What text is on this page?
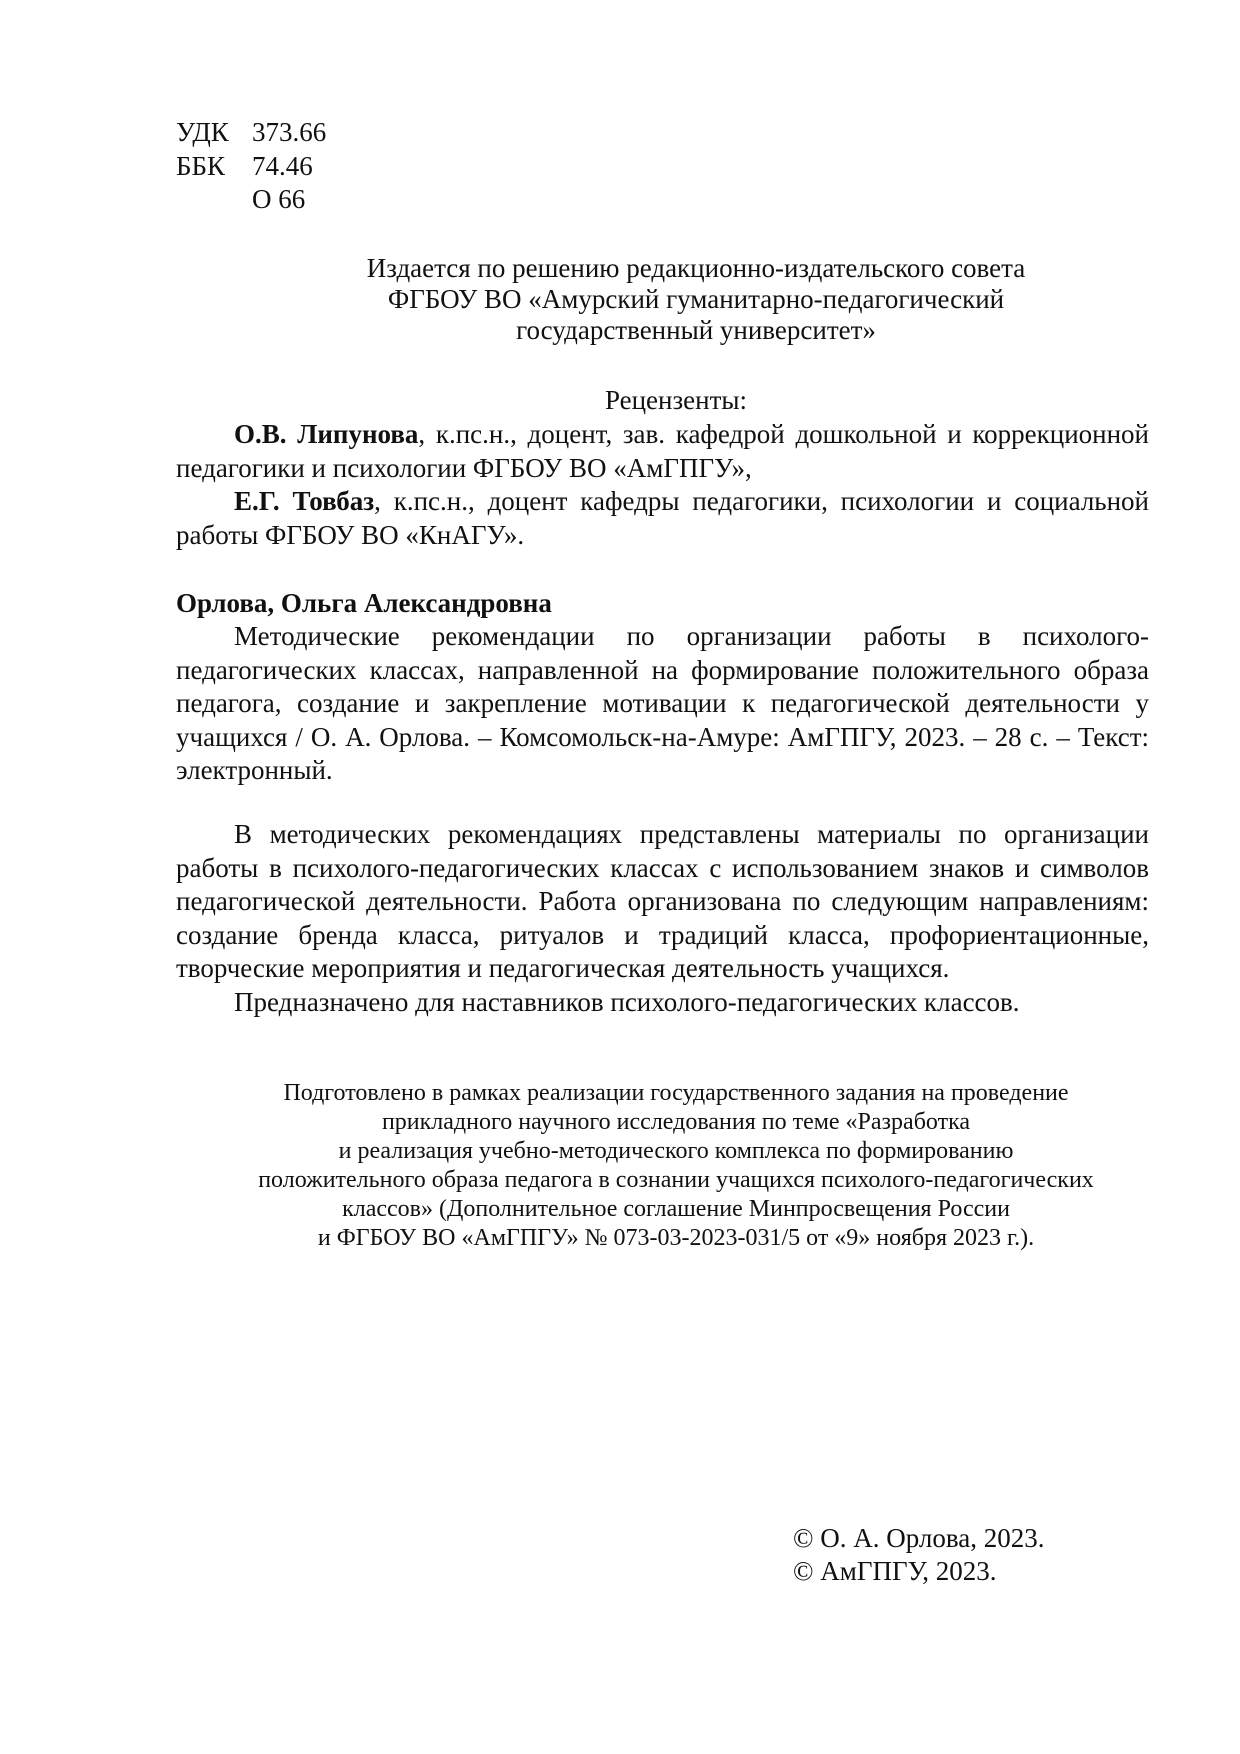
УДК 373.66
ББК 74.46
О 66
Издается по решению редакционно-издательского совета
ФГБОУ ВО «Амурский гуманитарно-педагогический
государственный университет»
Рецензенты:

О.В. Липунова, к.пс.н., доцент, зав. кафедрой дошкольной и коррекционной педагогики и психологии ФГБОУ ВО «АмГПГУ»,

Е.Г. Товбаз, к.пс.н., доцент кафедры педагогики, психологии и социальной работы ФГБОУ ВО «КнАГУ».

Орлова, Ольга Александровна

Методические рекомендации по организации работы в психолого-педагогических классах, направленной на формирование положительного образа педагога, создание и закрепление мотивации к педагогической деятельности у учащихся / О. А. Орлова. – Комсомольск-на-Амуре: АмГПГУ, 2023. – 28 с. – Текст: электронный.

В методических рекомендациях представлены материалы по организации работы в психолого-педагогических классах с использованием знаков и символов педагогической деятельности. Работа организована по следующим направлениям: создание бренда класса, ритуалов и традиций класса, профориентационные, творческие мероприятия и педагогическая деятельность учащихся.

Предназначено для наставников психолого-педагогических классов.

Подготовлено в рамках реализации государственного задания на проведение
прикладного научного исследования по теме «Разработка
и реализация учебно-методического комплекса по формированию
положительного образа педагога в сознании учащихся психолого-педагогических
классов» (Дополнительное соглашение Минпросвещения России
и ФГБОУ ВО «АмГПГУ» № 073-03-2023-031/5 от «9» ноября 2023 г.).
© О. А. Орлова, 2023.
© АмГПГУ, 2023.
